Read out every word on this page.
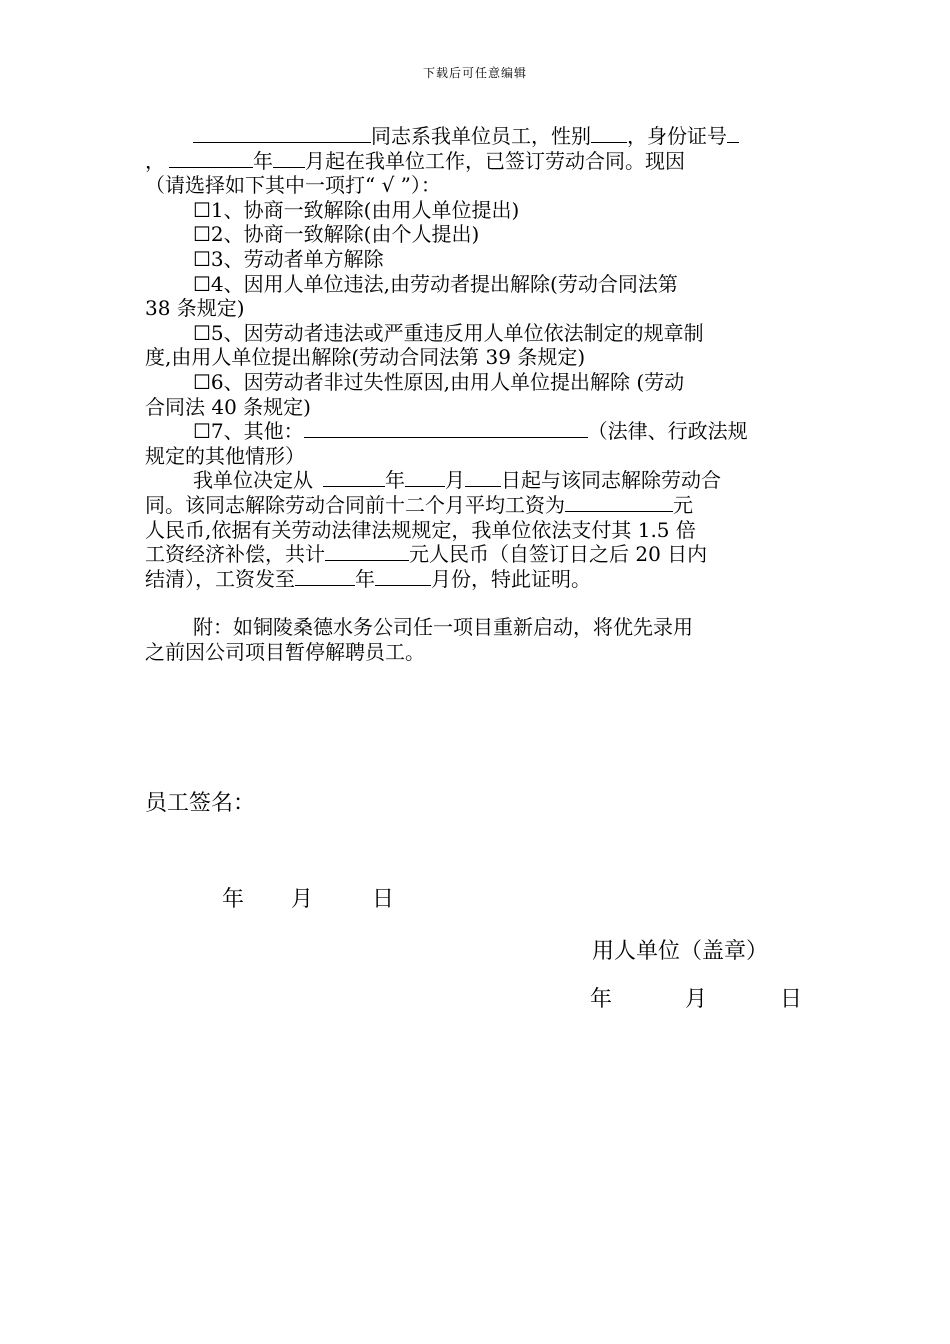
下载后可任意编辑
同志系我单位员工，性别 ，身份证号
，	年 月起在我单位工作，已签订劳动合同。现因
（请选择如下其中一项打“ √ ”）：
☐1、协商一致解除(由用人单位提出)
☐2、协商一致解除(由个人提出)
☐3、劳动者单方解除
☐4、因用人单位违法,由劳动者提出解除(劳动合同法第
38 条规定)
☐5、因劳动者违法或严重违反用人单位依法制定的规章制
度,由用人单位提出解除(劳动合同法第 39 条规定)
☐6、因劳动者非过失性原因,由用人单位提出解除 (劳动
合同法 40 条规定)
☐7、其他：	（法律、行政法规
规定的其他情形）
我单位决定从	年 月 日起与该同志解除劳动合
同。该同志解除劳动合同前十二个月平均工资为	元
人民币,依据有关劳动法律法规规定，我单位依法支付其 1.5 倍
工资经济补偿，共计	元人民币（自签订日之后 20 日内
结清），工资发至	年	月份，特此证明。
附：如铜陵桑德水务公司任一项目重新启动，将优先录用
之前因公司项目暂停解聘员工。
员工签名：
年 月	日
用人单位（盖章）
年	月	日
